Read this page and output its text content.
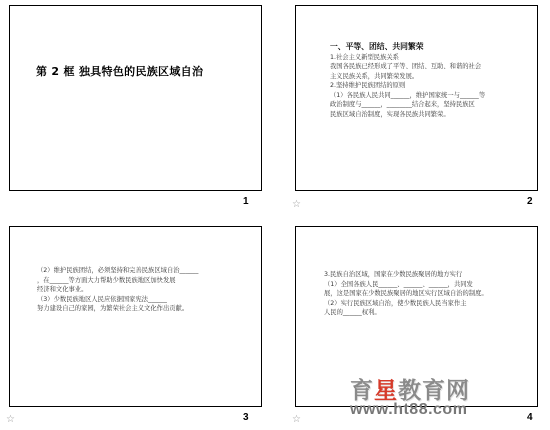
第 2 框 独具特色的民族区域自治
一、平等、团结、共同繁荣
1.社会主义新型民族关系
我国各民族已经形成了平等、团结、互助、和谐的社会
主义民族关系，共同繁荣发展。
2.坚持维护民族团结的原则
（1）各民族人民共同______，维护国家统一与______等
政治制度与______，________结合起来，坚持民族区
民族区域自治制度，实现各民族共同繁荣。
（2）维护民族团结，必须坚持和完善民族区域自治______
，在______等方面大力帮助少数民族地区加快发展
经济和文化事业。
（3）少数民族地区人民应依据国家宪法______
努力建设自己的家园，为繁荣社会主义文化作出贡献。
3.民族自治区域，国家在少数民族聚居的地方实行
（1）全国各族人民______、______、______，共同发
展，这是国家在少数民族聚居的地区实行区域自治的制度。
（2）实行民族区域自治，使少数民族人民当家作主
人民的______权利。
1	2
3	4
☆
☆	☆
育星教育网
www.ht88.com
